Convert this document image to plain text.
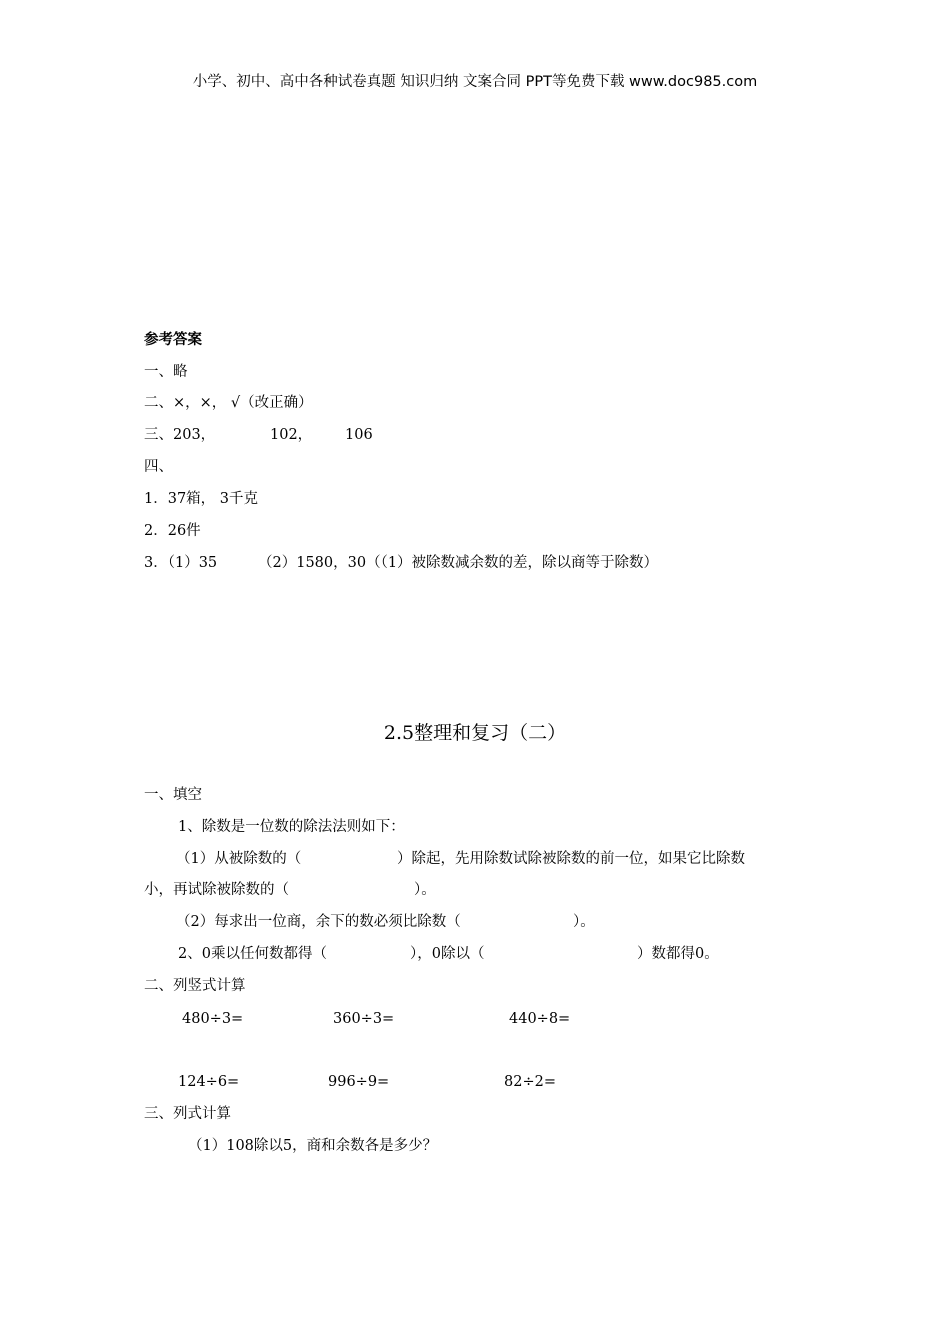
小学、初中、高中各种试卷真题 知识归纳 文案合同 PPT等免费下载 www.doc985.com
参考答案
一、略
二、×，×， √（改正确）
三、203，	102， 106
四、
1．37箱， 3千克
2．26件
3．（1）35	（2）1580，30（（1）被除数减余数的差，除以商等于除数）
2.5整理和复习（二）
一、填空
1、除数是一位数的除法法则如下：
（1）从被除数的（	）除起，先用除数试除被除数的前一位，如果它比除数
小，再试除被除数的（	）。
（2）每求出一位商，余下的数必须比除数（	）。
2、0乘以任何数都得（	），0除以（	）数都得0。
二、列竖式计算
480÷3=	360÷3=	440÷8=
124÷6=	996÷9=	82÷2=
三、列式计算
（1）108除以5，商和余数各是多少？
